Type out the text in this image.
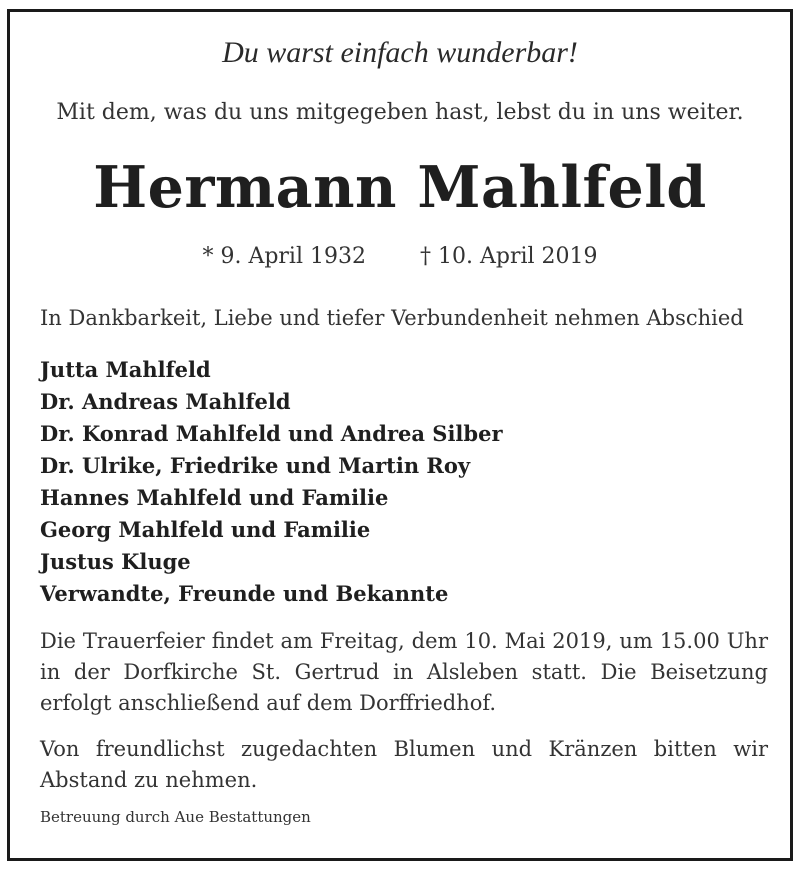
Du warst einfach wunderbar!
Mit dem, was du uns mitgegeben hast, lebst du in uns weiter.
Hermann Mahlfeld
* 9. April 1932 † 10. April 2019
In Dankbarkeit, Liebe und tiefer Verbundenheit nehmen Abschied
Jutta Mahlfeld
Dr. Andreas Mahlfeld
Dr. Konrad Mahlfeld und Andrea Silber
Dr. Ulrike, Friedrike und Martin Roy
Hannes Mahlfeld und Familie
Georg Mahlfeld und Familie
Justus Kluge
Verwandte, Freunde und Bekannte
Die Trauerfeier findet am Freitag, dem 10. Mai 2019, um 15.00 Uhr in der Dorfkirche St. Gertrud in Alsleben statt. Die Beisetzung erfolgt anschließend auf dem Dorffriedhof.
Von freundlichst zugedachten Blumen und Kränzen bitten wir Abstand zu nehmen.
Betreuung durch Aue Bestattungen
